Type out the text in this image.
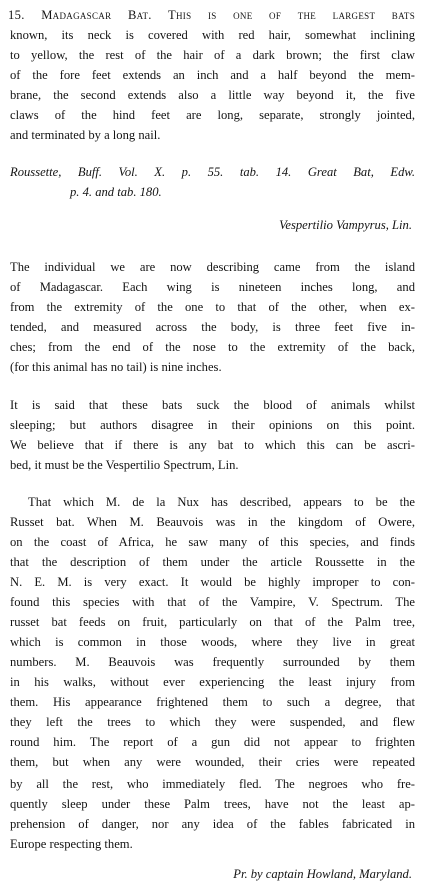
15. Madagascar Bat. This is one of the largest bats
known, its neck is covered with red hair, somewhat inclining
to yellow, the rest of the hair of a dark brown; the first claw
of the fore feet extends an inch and a half beyond the mem-
brane, the second extends also a little way beyond it, the five
claws of the hind feet are long, separate, strongly jointed,
and terminated by a long nail.
Roussette, Buff. Vol. X. p. 55. tab. 14. Great Bat, Edw.
p. 4. and tab. 180.
Vespertilio Vampyrus, Lin.
The individual we are now describing came from the island
of Madagascar. Each wing is nineteen inches long, and
from the extremity of the one to that of the other, when ex-
tended, and measured across the body, is three feet five in-
ches; from the end of the nose to the extremity of the back,
(for this animal has no tail) is nine inches.
It is said that these bats suck the blood of animals whilst
sleeping; but authors disagree in their opinions on this point.
We believe that if there is any bat to which this can be ascri-
bed, it must be the Vespertilio Spectrum, Lin.
That which M. de la Nux has described, appears to be the
Russet bat. When M. Beauvois was in the kingdom of Owere,
on the coast of Africa, he saw many of this species, and finds
that the description of them under the article Roussette in the
N. E. M. is very exact. It would be highly improper to con-
found this species with that of the Vampire, V. Spectrum. The
russet bat feeds on fruit, particularly on that of the Palm tree,
which is common in those woods, where they live in great
numbers. M. Beauvois was frequently surrounded by them
in his walks, without ever experiencing the least injury from
them. His appearance frightened them to such a degree, that
they left the trees to which they were suspended, and flew
round him. The report of a gun did not appear to frighten
them, but when any were wounded, their cries were repeated
by all the rest, who immediately fled. The negroes who fre-
quently sleep under these Palm trees, have not the least ap-
prehension of danger, nor any idea of the fables fabricated in
Europe respecting them.
Pr. by captain Howland, Maryland.
